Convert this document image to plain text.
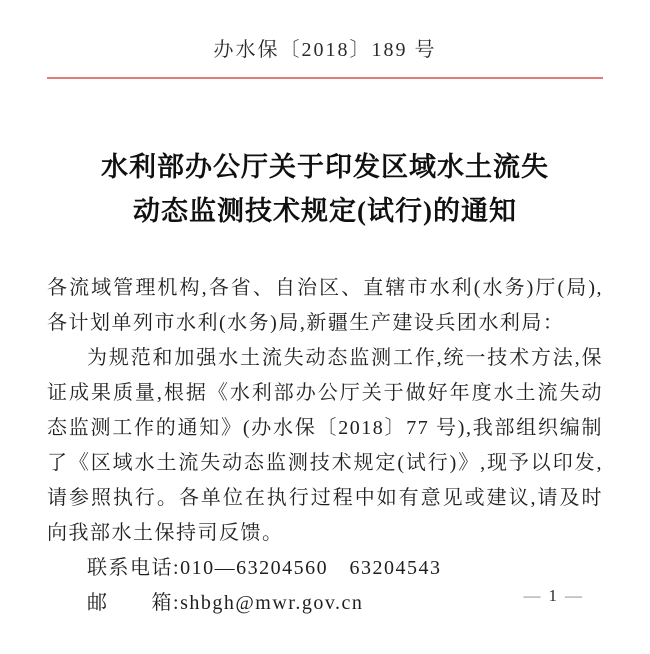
办水保〔2018〕189 号
水利部办公厅关于印发区域水土流失
动态监测技术规定(试行)的通知

各流域管理机构,各省、自治区、直辖市水利(水务)厅(局),各计划单列市水利(水务)局,新疆生产建设兵团水利局：

为规范和加强水土流失动态监测工作,统一技术方法,保证成果质量,根据《水利部办公厅关于做好年度水土流失动态监测工作的通知》(办水保〔2018〕77 号),我部组织编制了《区域水土流失动态监测技术规定(试行)》,现予以印发,请参照执行。各单位在执行过程中如有意见或建议,请及时向我部水土保持司反馈。

联系电话:010—63204560　63204543

邮　　箱:shbgh@mwr.gov.cn	— 1 —
